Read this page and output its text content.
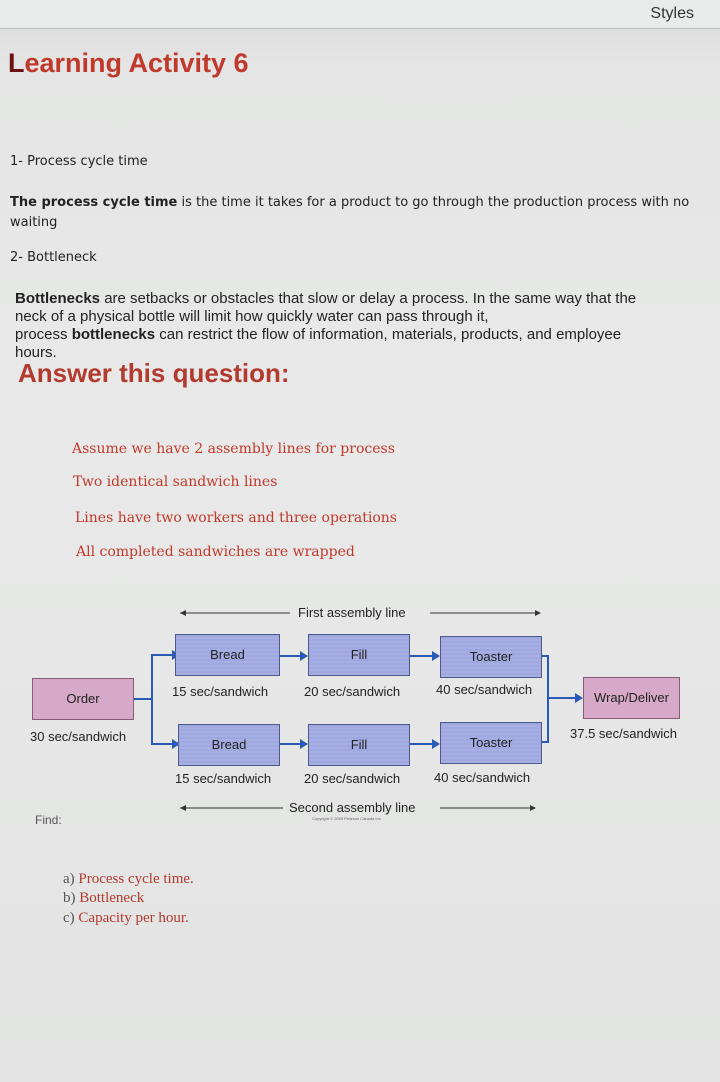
Styles
Learning Activity 6
1- Process cycle time
The process cycle time is the time it takes for a product to go through the production process with no
waiting
2- Bottleneck
Bottlenecks are setbacks or obstacles that slow or delay a process. In the same way that the
neck of a physical bottle will limit how quickly water can pass through it,
process bottlenecks can restrict the flow of information, materials, products, and employee
hours.
Answer this question:
Assume we have 2 assembly lines for process
Two identical sandwich lines
Lines have two workers and three operations
All completed sandwiches are wrapped
First assembly line
Second assembly line
Copyright © 2009 Pearson Canada Inc.
Order
30 sec/sandwich
Bread	Fill	Toaster
15 sec/sandwich	20 sec/sandwich	40 sec/sandwich
Bread	Fill	Toaster
15 sec/sandwich	20 sec/sandwich	40 sec/sandwich
Wrap/Deliver
37.5 sec/sandwich
Find:
a) Process cycle time.
b) Bottleneck
c) Capacity per hour.
